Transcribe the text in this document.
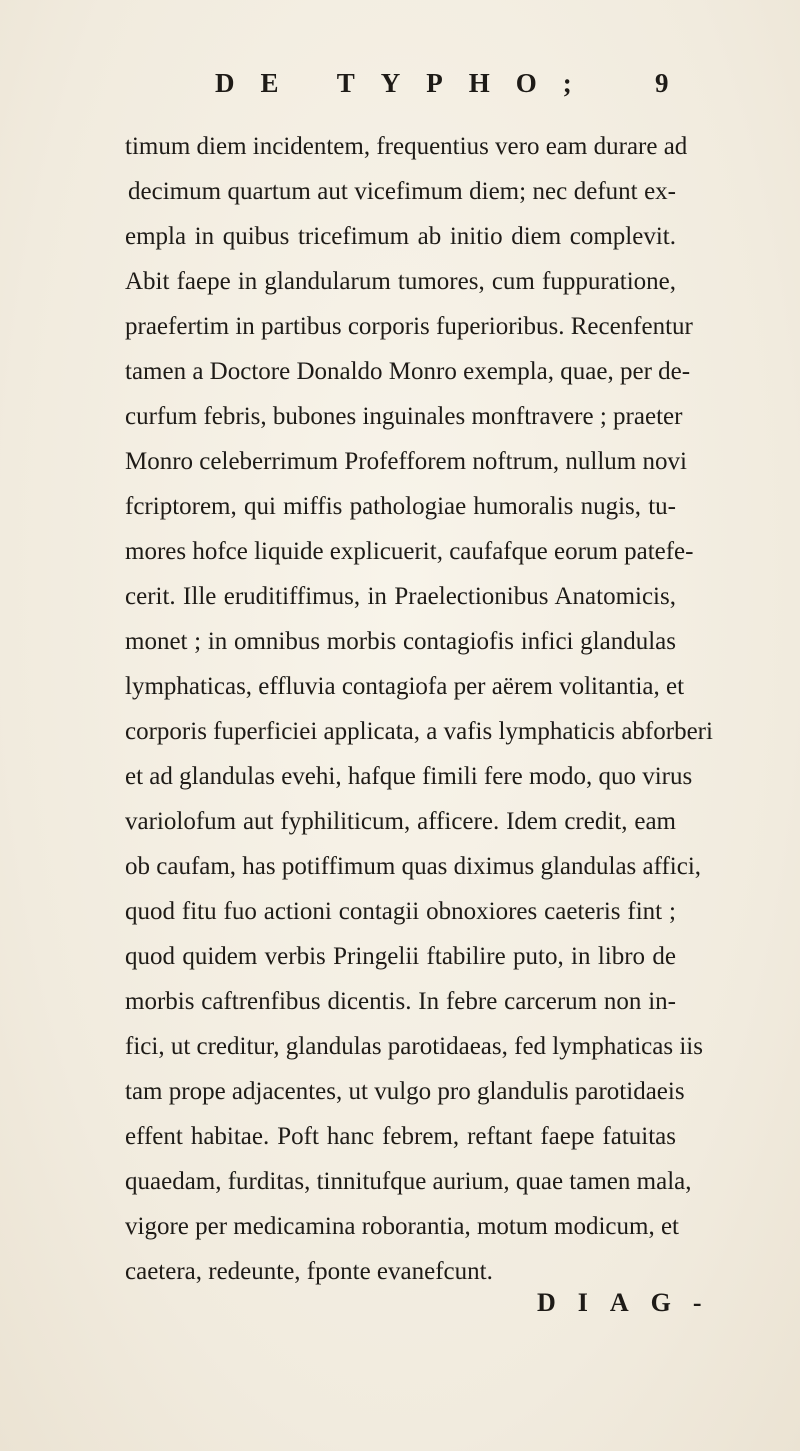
DE TYPHO; 9
timum diem incidentem, frequentius vero eam durare ad
decimum quartum aut vicefimum diem; nec defunt ex-
empla in quibus tricefimum ab initio diem complevit.
Abit faepe in glandularum tumores, cum fuppuratione,
praefertim in partibus corporis fuperioribus. Recenfentur
tamen a Doctore Donaldo Monro exempla, quae, per de-
curfum febris, bubones inguinales monftravere ; praeter
Monro celeberrimum Profefforem noftrum, nullum novi
fcriptorem, qui miffis pathologiae humoralis nugis, tu-
mores hofce liquide explicuerit, caufafque eorum patefe-
cerit. Ille eruditiffimus, in Praelectionibus Anatomicis,
monet ; in omnibus morbis contagiofis infici glandulas
lymphaticas, effluvia contagiofa per aërem volitantia, et
corporis fuperficiei applicata, a vafis lymphaticis abforberi
et ad glandulas evehi, hafque fimili fere modo, quo virus
variolofum aut fyphiliticum, afficere. Idem credit, eam
ob caufam, has potiffimum quas diximus glandulas affici,
quod fitu fuo actioni contagii obnoxiores caeteris fint ;
quod quidem verbis Pringelii ftabilire puto, in libro de
morbis caftrenfibus dicentis. In febre carcerum non in-
fici, ut creditur, glandulas parotidaeas, fed lymphaticas iis
tam prope adjacentes, ut vulgo pro glandulis parotidaeis
effent habitae. Poft hanc febrem, reftant faepe fatuitas
quaedam, furditas, tinnitufque aurium, quae tamen mala,
vigore per medicamina roborantia, motum modicum, et
caetera, redeunte, fponte evanefcunt.
DIAG-
